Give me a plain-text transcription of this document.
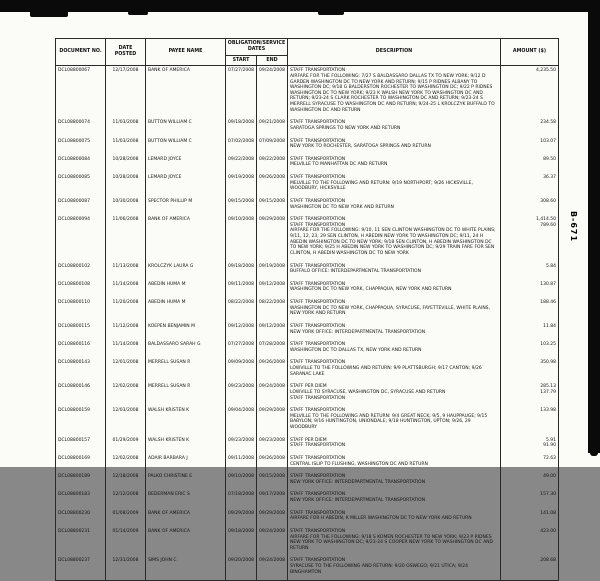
B-671
DOCUMENT NO.	DATE POSTED	PAYEE NAME	OBLIGATION/SERVICE DATES		DESCRIPTION	AMOUNT ($)
			START	END		
DCL08800067	12/17/2008	BANK OF AMERICA	07/27/2008	09/24/2008	STAFF TRANSPORTATION
AIRFARE FOR THE FOLLOWING: 7/27 S BALDASSARO DALLAS TX TO NEW YORK; 9/12 D GARDEN WASHINGTON DC TO NEW YORK AND RETURN; 9/15 P RIDNES ALBANY TO WASHINGTON DC; 9/18 G BALDERSTON ROCHESTER TO WASHINGTON DC; 9/22 P RIDNES WASHINGTON DC TO NEW YORK; 9/23 K WALSH NEW YORK TO WASHINGTON DC AND RETURN; 9/23-24 S CLARK ROCHESTER TO WASHINGTON DC AND RETURN; 9/23-24 S MERRELL SYRACUSE TO WASHINGTON DC AND RETURN; 9/24-25 L KROLCZYK BUFFALO TO WASHINGTON DC AND RETURN	4,235.50
DCL08800074	11/03/2008	BUTTON WILLIAM C	09/18/2008	09/21/2008	STAFF TRANSPORTATION
SARATOGA SPRINGS TO NEW YORK AND RETURN	234.58
DCL08800075	11/03/2008	BUTTON WILLIAM C	07/02/2008	07/09/2008	STAFF TRANSPORTATION
NEW YORK TO ROCHESTER, SARATOGA SPRINGS AND RETURN	103.07
DCL08800084	10/28/2008	LEMARD JOYCE	09/22/2008	09/22/2008	STAFF TRANSPORTATION
MELVILLE TO MANHATTAN DC AND RETURN	89.50
DCL08800085	10/28/2008	LEMARD JOYCE	09/19/2008	09/26/2008	STAFF TRANSPORTATION
MELVILLE TO THE FOLLOWING AND RETURN: 9/19 NORTHPORT; 9/26 HICKSVILLE, WOODBURY, HICKSVILLE	36.37
DCL08800087	10/30/2008	SPECTOR PHILLIP M	09/15/2008	09/15/2008	STAFF TRANSPORTATION
WASHINGTON DC TO NEW YORK AND RETURN	308.60
DCL08800094	11/06/2008	BANK OF AMERICA	09/10/2008	09/29/2008	STAFF TRANSPORTATION
STAFF TRANSPORTATION
AIRFARE FOR THE FOLLOWING: 9/10, 11 SEN CLINTON WASHINGTON DC TO WHITE PLAINS; 9/11, 12, 23, 29 SEN CLINTON, H ABEDIN NEW YORK TO WASHINGTON DC; 9/11, 24 H ABEDIN WASHINGTON DC TO NEW YORK; 9/18 SEN CLINTON, H ABEDIN WASHINGTON DC TO NEW YORK; 9/25 H ABEDIN NEW YORK TO WASHINGTON DC; 9/29 TRAIN FARE FOR SEN CLINTON, H ABEDIN WASHINGTON DC TO NEW YORK	1,414.50
789.60
DCL08800102	11/13/2008	KROLCZYK LAURA G	09/18/2008	09/19/2008	STAFF TRANSPORTATION
BUFFALO OFFICE: INTERDEPARTMENTAL TRANSPORTATION	5.84
DCL08800108	11/14/2008	ABEDIN HUMA M	09/11/2008	09/12/2008	STAFF TRANSPORTATION
WASHINGTON DC TO NEW YORK, CHAPPAQUA, NEW YORK AND RETURN	130.87
DCL08800110	11/20/2008	ABEDIN HUMA M	08/22/2008	08/22/2008	STAFF TRANSPORTATION
WASHINGTON DC TO NEW YORK, CHAPPAQUA, SYRACUSE, FAYETTEVILLE, WHITE PLAINS, NEW YORK AND RETURN	188.46
DCL08800115	11/12/2008	KOEPEN BENJAMIN M	09/12/2008	09/12/2008	STAFF TRANSPORTATION
NEW YORK OFFICE: INTERDEPARTMENTAL TRANSPORTATION	11.84
DCL08800116	11/14/2008	BALDASSARO SARAH G	07/27/2008	07/28/2008	STAFF TRANSPORTATION
WASHINGTON DC TO DALLAS TX, NEW YORK AND RETURN	103.25
DCL08800143	12/01/2008	MERRELL SUSAN R	09/09/2008	09/26/2008	STAFF TRANSPORTATION
LOWVILLE TO THE FOLLOWING AND RETURN: 9/9 PLATTSBURGH; 9/17 CANTON; 9/26 SARANAC LAKE	350.98
DCL08800146	12/02/2008	MERRELL SUSAN R	09/23/2008	09/24/2008	STAFF PER DIEM
LOWVILLE TO SYRACUSE, WASHINGTON DC, SYRACUSE AND RETURN
STAFF TRANSPORTATION	285.13
137.79
DCL08800159	12/03/2008	WALSH KRISTEN K	09/04/2008	09/29/2008	STAFF TRANSPORTATION
MELVILLE TO THE FOLLOWING AND RETURN: 9/4 GREAT NECK; 9/5, 9 HAUPPAUGE; 9/15 BABYLON; 9/16 HUNTINGTON, UNIONDALE; 9/18 HUNTINGTON, UPTON; 9/26, 29 WOODBURY	133.98
DCL08800157	01/29/2009	WALSH KRISTEN K	09/23/2008	09/23/2008	STAFF PER DIEM
STAFF TRANSPORTATION	5.91
91.90
DCL08800169	12/02/2008	ADAIR BARBARA J	09/11/2008	09/26/2008	STAFF TRANSPORTATION
CENTRAL ISLIP TO FLUSHING, WASHINGTON DC AND RETURN	72.63
DCL08800189	12/18/2008	PALKO CHRISTINE E	09/10/2008	09/15/2008	STAFF TRANSPORTATION
NEW YORK OFFICE: INTERDEPARTMENTAL TRANSPORTATION	49.00
DCL08800183	12/12/2008	BEDERMAN ERIC S	07/18/2008	09/17/2008	STAFF TRANSPORTATION
NEW YORK OFFICE: INTERDEPARTMENTAL TRANSPORTATION	157.30
DCL08800230	01/08/2009	BANK OF AMERICA	09/29/2008	09/29/2008	STAFF TRANSPORTATION
AIRFARE FOR H ABEDIN, K MILLER WASHINGTON DC TO NEW YORK AND RETURN	141.08
DCL08800231	01/14/2009	BANK OF AMERICA	09/18/2008	09/24/2008	STAFF TRANSPORTATION
AIRFARE FOR THE FOLLOWING: 9/18 S KOMEN ROCHESTER TO NEW YORK; 9/23 P RIDNES NEW YORK TO WASHINGTON DC; 9/23-24 S COOPER NEW YORK TO WASHINGTON DC AND RETURN	423.00
DCL08800237	12/31/2008	SIMS JOHN C	09/20/2008	09/24/2008	STAFF TRANSPORTATION
SYRACUSE TO THE FOLLOWING AND RETURN: 9/20 OSWEGO; 9/21 UTICA; 9/24 BINGHAMTON	208.68
